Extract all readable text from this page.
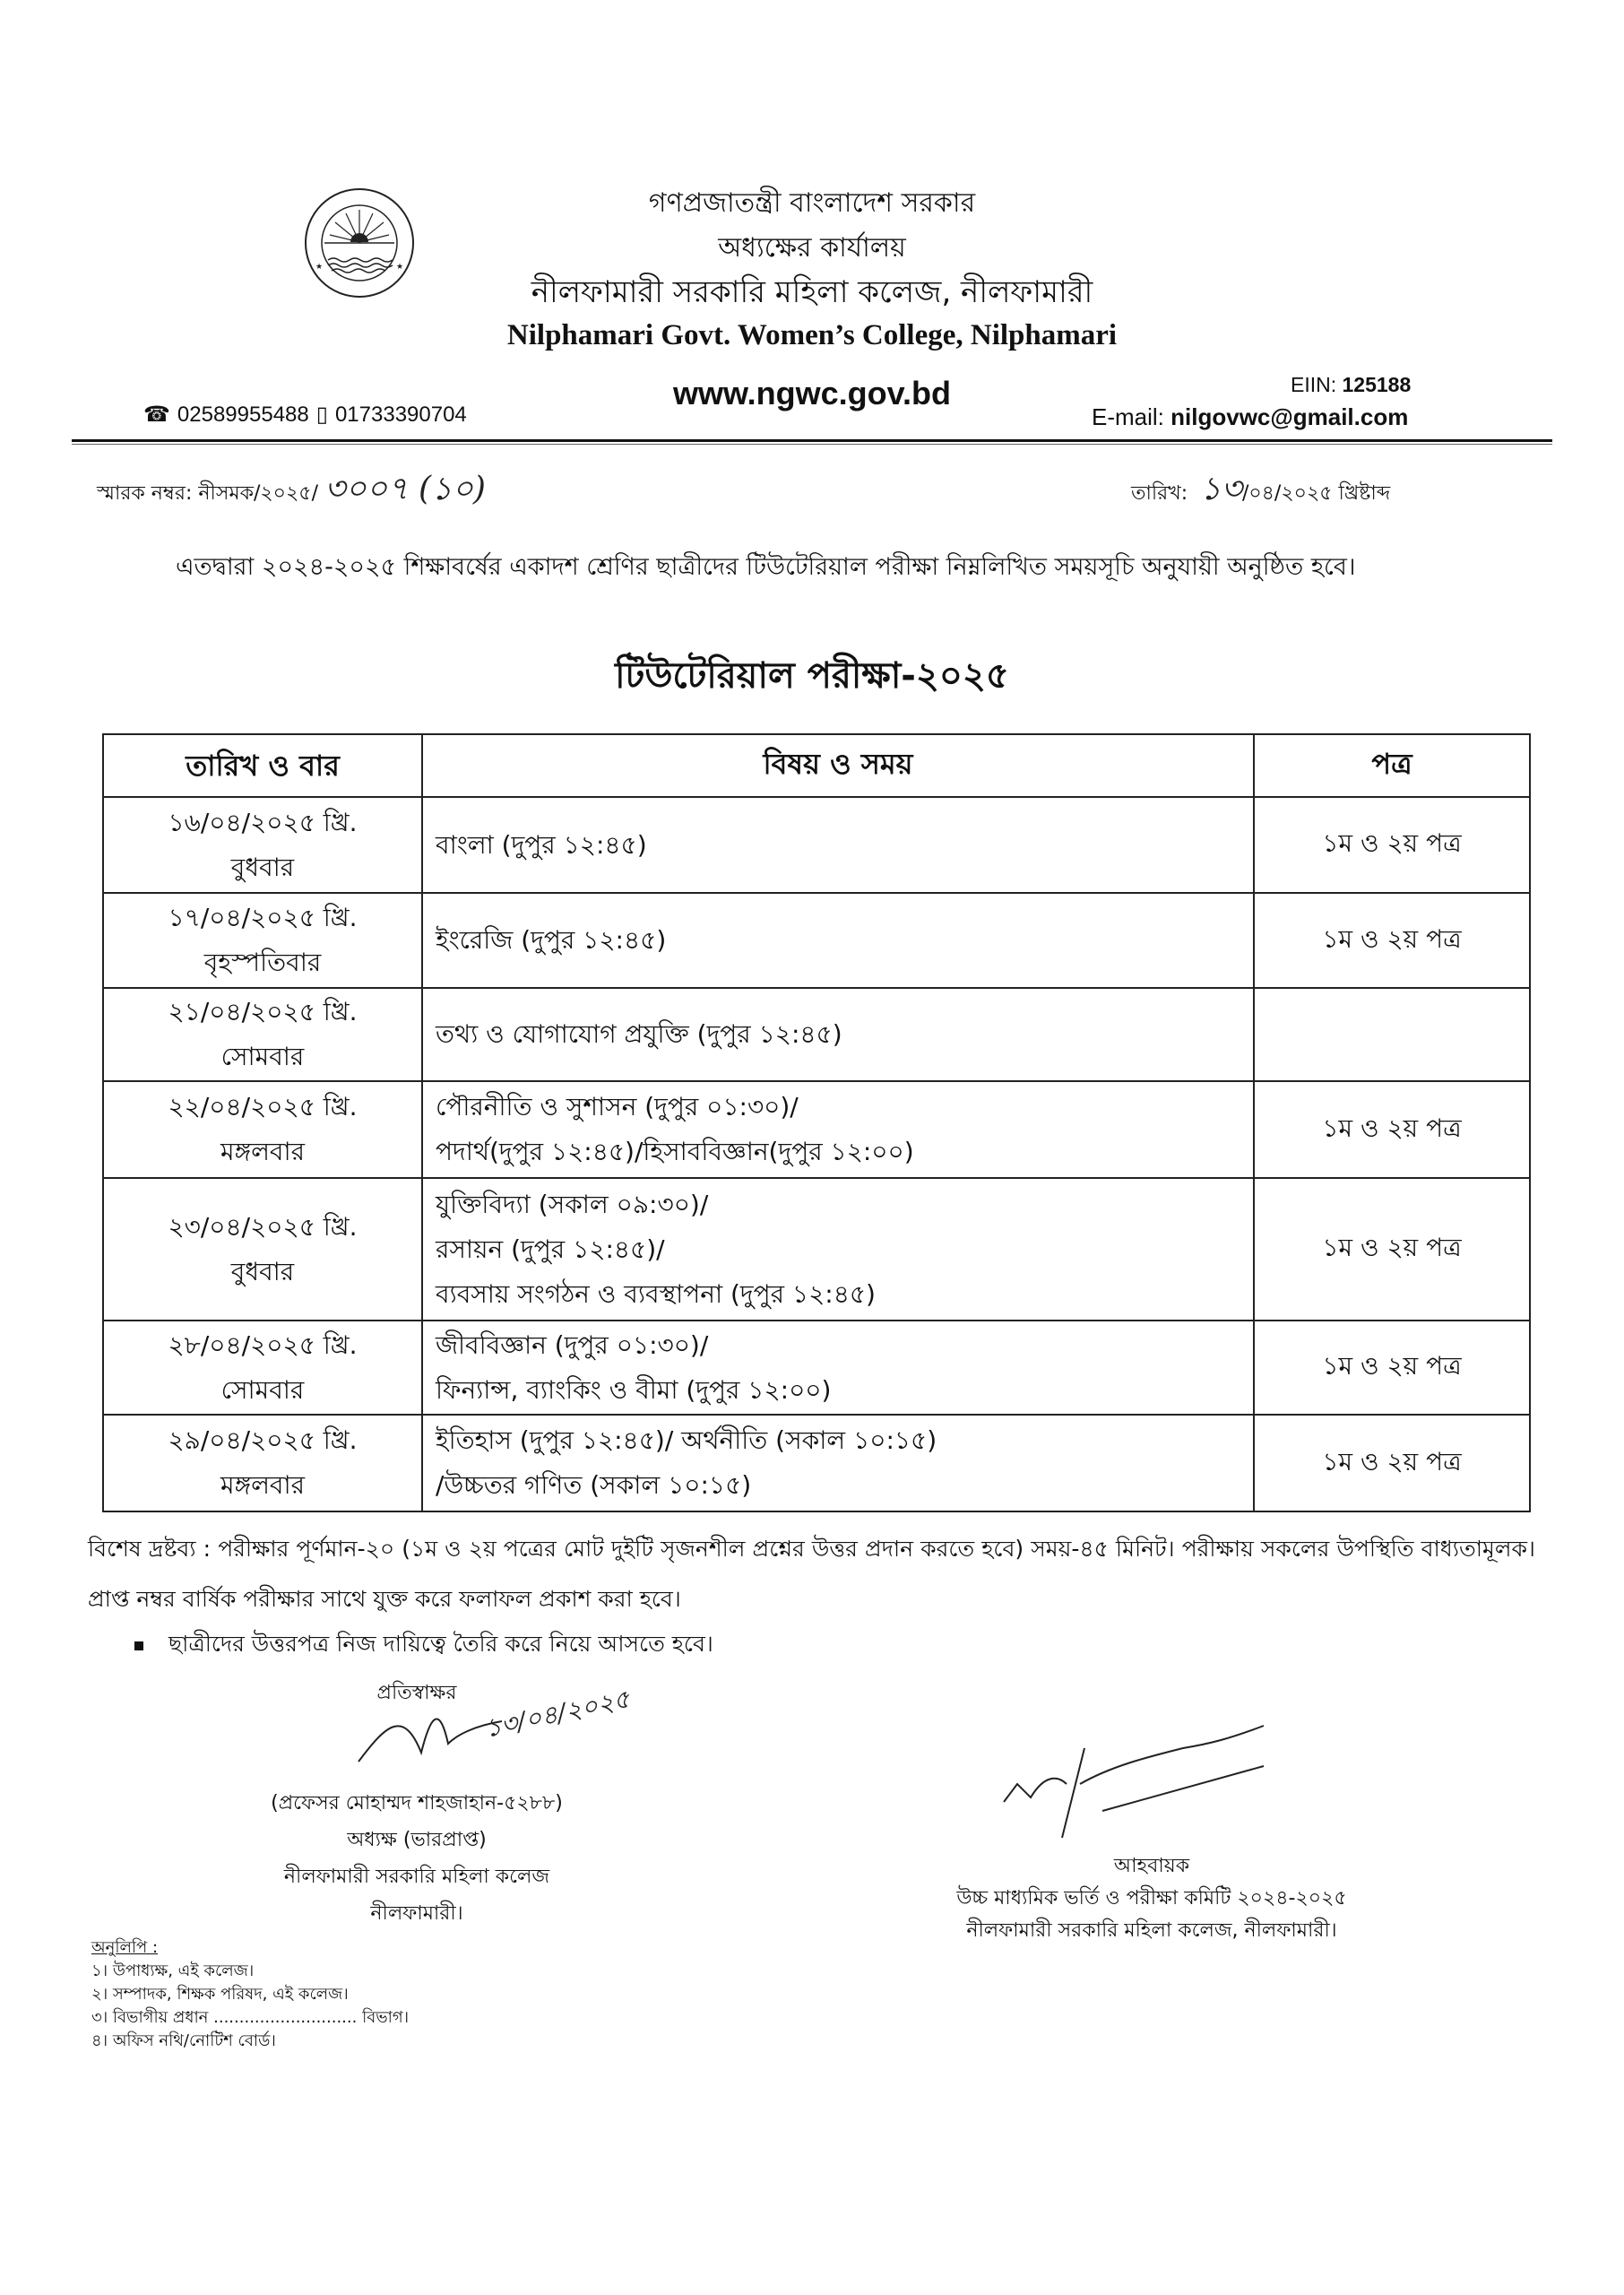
★	★
গণপ্রজাতন্ত্রী বাংলাদেশ সরকার
অধ্যক্ষের কার্যালয়
নীলফামারী সরকারি মহিলা কলেজ, নীলফামারী
Nilphamari Govt. Women’s College, Nilphamari
www.ngwc.gov.bd
☎ 02589955488 ▯ 01733390704
EIIN: 125188
E-mail: nilgovwc@gmail.com
স্মারক নম্বর: নীসমক/২০২৫/ ৩০০৭ (১০)	তারিখ: ১৩/০৪/২০২৫ খ্রিষ্টাব্দ
এতদ্বারা ২০২৪-২০২৫ শিক্ষাবর্ষের একাদশ শ্রেণির ছাত্রীদের টিউটেরিয়াল পরীক্ষা নিম্নলিখিত সময়সূচি অনুযায়ী অনুষ্ঠিত হবে।
টিউটেরিয়াল পরীক্ষা-২০২৫
তারিখ ও বার	বিষয় ও সময়	পত্র

১৬/০৪/২০২৫ খ্রি.
বুধবার	বাংলা (দুপুর ১২:৪৫)	১ম ও ২য় পত্র

১৭/০৪/২০২৫ খ্রি.
বৃহস্পতিবার	ইংরেজি (দুপুর ১২:৪৫)	১ম ও ২য় পত্র

২১/০৪/২০২৫ খ্রি.
সোমবার	তথ্য ও যোগাযোগ প্রযুক্তি (দুপুর ১২:৪৫)	

২২/০৪/২০২৫ খ্রি.
মঙ্গলবার	পৌরনীতি ও সুশাসন (দুপুর ০১:৩০)/
পদার্থ(দুপুর ১২:৪৫)/হিসাববিজ্ঞান(দুপুর ১২:০০)	১ম ও ২য় পত্র

২৩/০৪/২০২৫ খ্রি.
বুধবার	যুক্তিবিদ্যা (সকাল ০৯:৩০)/
রসায়ন (দুপুর ১২:৪৫)/
ব্যবসায় সংগঠন ও ব্যবস্থাপনা (দুপুর ১২:৪৫)	১ম ও ২য় পত্র

২৮/০৪/২০২৫ খ্রি.
সোমবার	জীববিজ্ঞান (দুপুর ০১:৩০)/
ফিন্যান্স, ব্যাংকিং ও বীমা (দুপুর ১২:০০)	১ম ও ২য় পত্র

২৯/০৪/২০২৫ খ্রি.
মঙ্গলবার	ইতিহাস (দুপুর ১২:৪৫)/ অর্থনীতি (সকাল ১০:১৫)
/উচ্চতর গণিত (সকাল ১০:১৫)	১ম ও ২য় পত্র
বিশেষ দ্রষ্টব্য : পরীক্ষার পূর্ণমান-২০ (১ম ও ২য় পত্রের মোট দুইটি সৃজনশীল প্রশ্নের উত্তর প্রদান করতে হবে) সময়-৪৫ মিনিট। পরীক্ষায় সকলের উপস্থিতি বাধ্যতামূলক। প্রাপ্ত নম্বর বার্ষিক পরীক্ষার সাথে যুক্ত করে ফলাফল প্রকাশ করা হবে।
ছাত্রীদের উত্তরপত্র নিজ দায়িত্বে তৈরি করে নিয়ে আসতে হবে।
১৩/০৪/২০২৫
প্রতিস্বাক্ষর
(প্রফেসর মোহাম্মদ শাহজাহান-৫২৮৮)
অধ্যক্ষ (ভারপ্রাপ্ত)
নীলফামারী সরকারি মহিলা কলেজ
নীলফামারী।
আহবায়ক
উচ্চ মাধ্যমিক ভর্তি ও পরীক্ষা কমিটি ২০২৪-২০২৫
নীলফামারী সরকারি মহিলা কলেজ, নীলফামারী।
অনুলিপি :
১। উপাধ্যক্ষ, এই কলেজ।
২। সম্পাদক, শিক্ষক পরিষদ, এই কলেজ।
৩। বিভাগীয় প্রধান ............................ বিভাগ।
৪। অফিস নথি/নোটিশ বোর্ড।
